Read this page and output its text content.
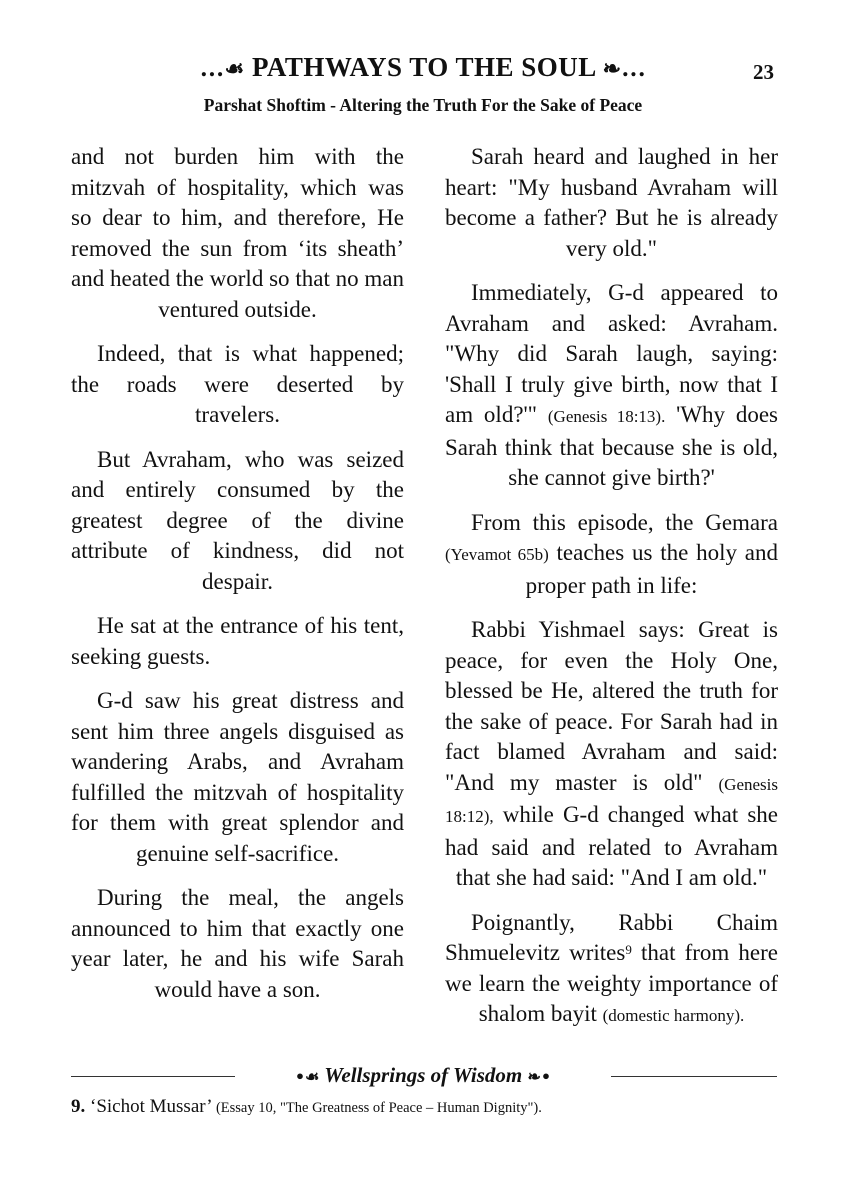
...☙ PATHWAYS TO THE SOUL ❧...	23
Parshat Shoftim - Altering the Truth For the Sake of Peace

and not burden him with the mitzvah of hospitality, which was so dear to him, and therefore, He removed the sun from ‘its sheath’ and heated the world so that no man ventured outside.

Indeed, that is what happened; the roads were deserted by travelers.

But Avraham, who was seized and entirely consumed by the greatest degree of the divine attribute of kindness, did not despair.

He sat at the entrance of his tent, seeking guests.

G-d saw his great distress and sent him three angels disguised as wandering Arabs, and Avraham fulfilled the mitzvah of hospitality for them with great splendor and genuine self-sacrifice.

During the meal, the angels announced to him that exactly one year later, he and his wife Sarah would have a son.

Sarah heard and laughed in her heart: "My husband Avraham will become a father? But he is already very old."

Immediately, G-d appeared to Avraham and asked: Avraham. "Why did Sarah laugh, saying: 'Shall I truly give birth, now that I am old?'" (Genesis 18:13). 'Why does Sarah think that because she is old, she cannot give birth?'

From this episode, the Gemara (Yevamot 65b) teaches us the holy and proper path in life:

Rabbi Yishmael says: Great is peace, for even the Holy One, blessed be He, altered the truth for the sake of peace. For Sarah had in fact blamed Avraham and said: "And my master is old" (Genesis 18:12), while G-d changed what she had said and related to Avraham that she had said: "And I am old."

Poignantly, Rabbi Chaim Shmuelevitz writes$^9$ that from here we learn the weighty importance of shalom bayit (domestic harmony).

•☙ Wellsprings of Wisdom ❧•
9. ‘Sichot Mussar’ (Essay 10, "The Greatness of Peace – Human Dignity").
